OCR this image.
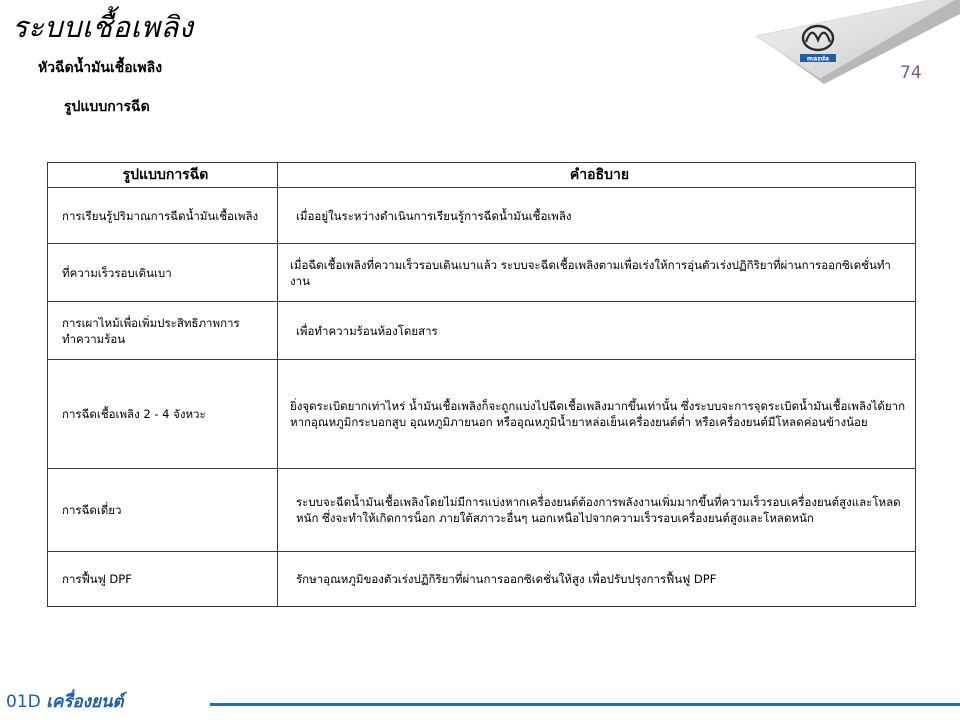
ระบบเชื้อเพลิง
หัวฉีดน้ำมันเชื้อเพลิง
รูปแบบการฉีด
mazda
74
รูปแบบการฉีด	คำอธิบาย
การเรียนรู้ปริมาณการฉีดน้ำมันเชื้อเพลิง	เมื่ออยู่ในระหว่างดำเนินการเรียนรู้การฉีดน้ำมันเชื้อเพลิง
ที่ความเร็วรอบเดินเบา	เมื่อฉีดเชื้อเพลิงที่ความเร็วรอบเดินเบาแล้ว ระบบจะฉีดเชื้อเพลิงตามเพื่อเร่งให้การอุ่นตัวเร่งปฏิกิริยาที่ผ่านการออกซิเดชั่นทำงาน
การเผาไหม้เพื่อเพิ่มประสิทธิภาพการทำความร้อน	เพื่อทำความร้อนห้องโดยสาร
การฉีดเชื้อเพลิง 2 - 4 จังหวะ	ยิ่งจุดระเบิดยากเท่าไหร่ น้ำมันเชื้อเพลิงก็จะถูกแบ่งไปฉีดเชื้อเพลิงมากขึ้นเท่านั้น ซึ่งระบบจะการจุดระเบิดน้ำมันเชื้อเพลิงได้ยากหากอุณหภูมิกระบอกสูบ อุณหภูมิภายนอก หรืออุณหภูมิน้ำยาหล่อเย็นเครื่องยนต์ต่ำ หรือเครื่องยนต์มีโหลดค่อนข้างน้อย
การฉีดเดี่ยว	ระบบจะฉีดน้ำมันเชื้อเพลิงโดยไม่มีการแบ่งหากเครื่องยนต์ต้องการพลังงานเพิ่มมากขึ้นที่ความเร็วรอบเครื่องยนต์สูงและโหลดหนัก ซึ่งจะทำให้เกิดการน็อก ภายใต้สภาวะอื่นๆ นอกเหนือไปจากความเร็วรอบเครื่องยนต์สูงและโหลดหนัก
การฟื้นฟู DPF	รักษาอุณหภูมิของตัวเร่งปฏิกิริยาที่ผ่านการออกซิเดชั่นให้สูง เพื่อปรับปรุงการฟื้นฟู DPF
01D เครื่องยนต์
